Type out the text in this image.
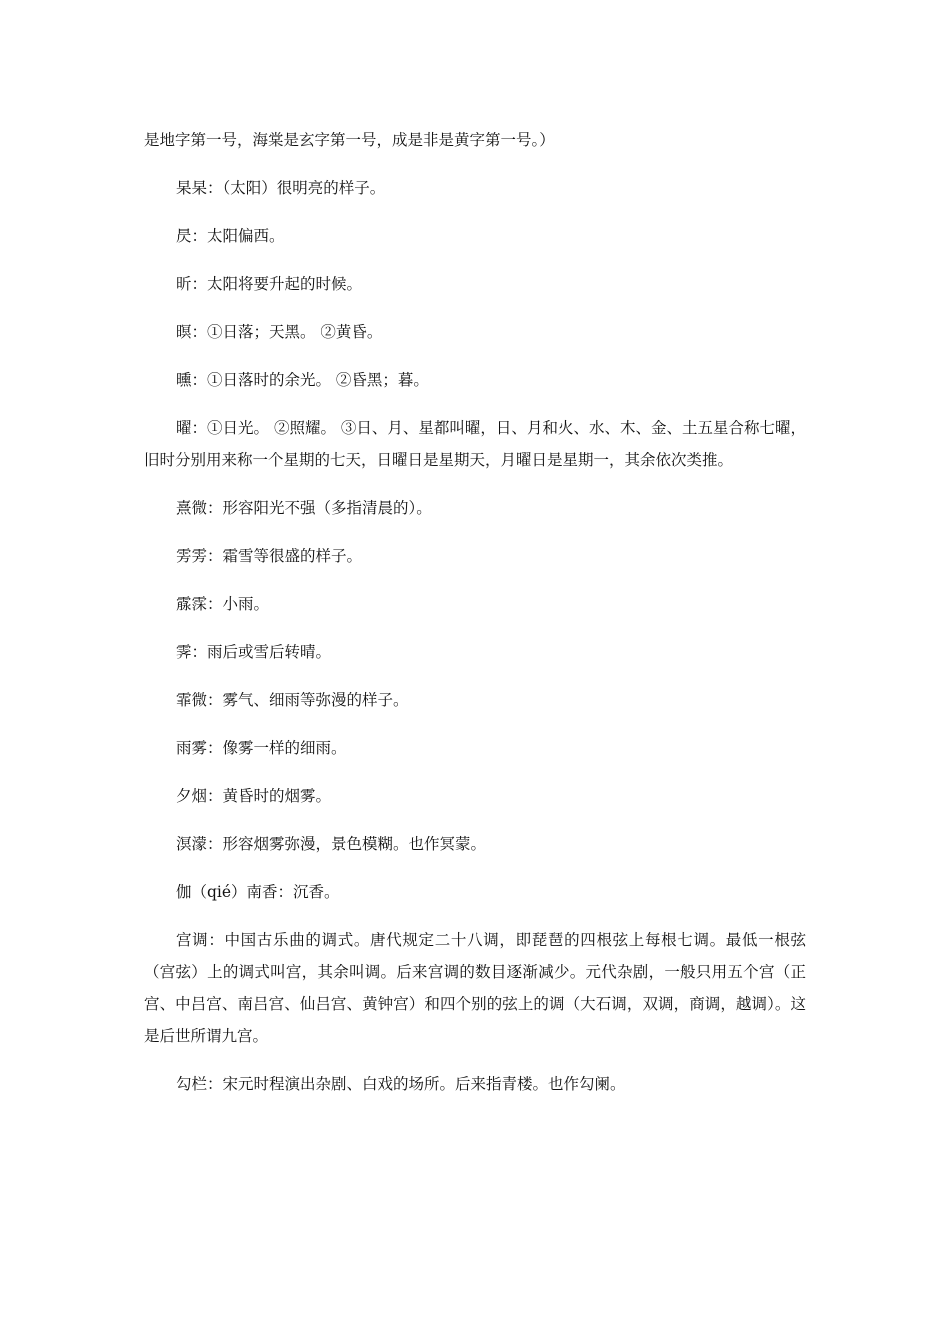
是地字第一号，海棠是玄字第一号，成是非是黄字第一号。）

杲杲：（太阳）很明亮的样子。

昃：太阳偏西。

昕：太阳将要升起的时候。

暝：①日落；天黑。 ②黄昏。

曛：①日落时的余光。 ②昏黑；暮。

曜：①日光。 ②照耀。 ③日、月、星都叫曜，日、月和火、水、木、金、土五星合称七曜，旧时分别用来称一个星期的七天，日曜日是星期天，月曜日是星期一，其余依次类推。

熹微：形容阳光不强（多指清晨的）。

雱雱：霜雪等很盛的样子。

霡霂：小雨。

霁：雨后或雪后转晴。

霏微：雾气、细雨等弥漫的样子。

雨雾：像雾一样的细雨。

夕烟：黄昏时的烟雾。

溟濛：形容烟雾弥漫，景色模糊。也作冥蒙。

伽（qié）南香：沉香。

宫调：中国古乐曲的调式。唐代规定二十八调，即琵琶的四根弦上每根七调。最低一根弦（宫弦）上的调式叫宫，其余叫调。后来宫调的数目逐渐减少。元代杂剧，一般只用五个宫（正宫、中吕宫、南吕宫、仙吕宫、黄钟宫）和四个别的弦上的调（大石调，双调，商调，越调）。这是后世所谓九宫。

勾栏：宋元时程演出杂剧、白戏的场所。后来指青楼。也作勾阑。
